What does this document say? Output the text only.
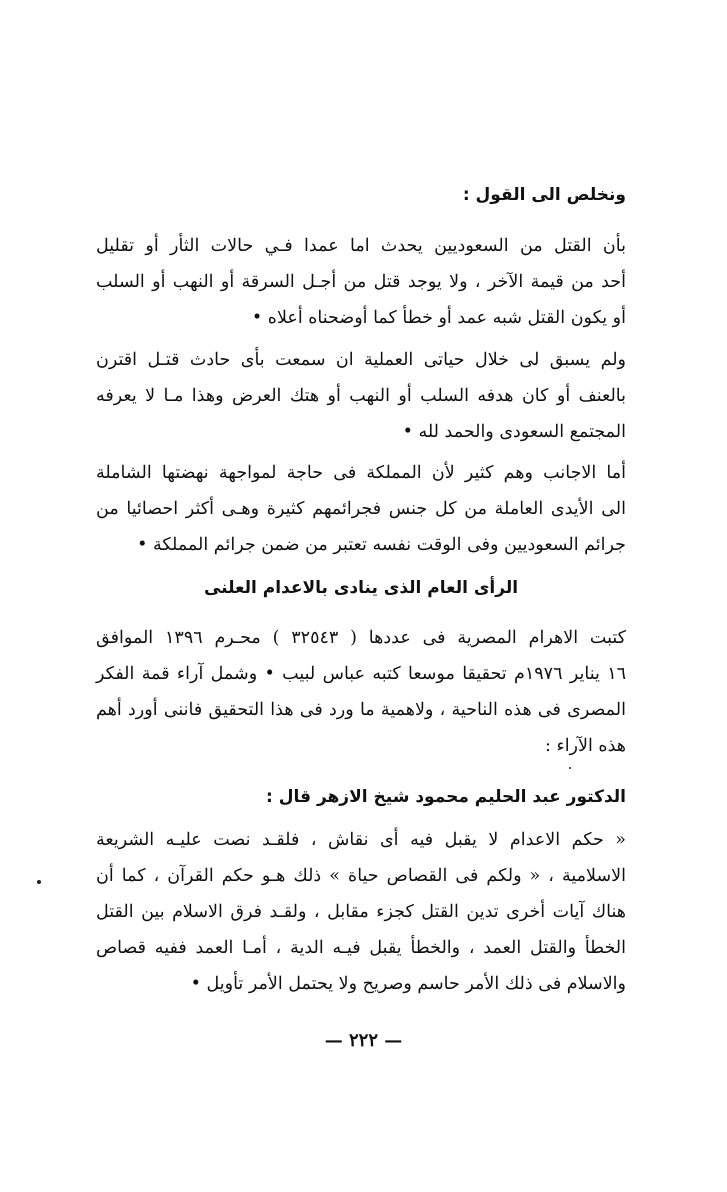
ونخلص الى القول :
بأن القتل من السعوديين يحدث اما عمدا فـي حالات الثأر أو تقليل
أحد من قيمة الآخر ، ولا يوجد قتل من أجـل السرقة أو النهب أو السلب
أو يكون القتل شبه عمد أو خطأ كما أوضحناه أعلاه •
ولم يسبق لى خلال حياتى العملية ان سمعت بأى حادث قتـل اقترن
بالعنف أو كان هدفه السلب أو النهب أو هتك العرض وهذا مـا لا يعرفه
المجتمع السعودى والحمد لله •
أما الاجانب وهم كثير لأن المملكة فى حاجة لمواجهة نهضتها الشاملة
الى الأيدى العاملة من كل جنس فجرائمهم كثيرة وهـى أكثر احصائيا من
جرائم السعوديين وفى الوقت نفسه تعتبر من ضمن جرائم المملكة •
الرأى العام الذى ينادى بالاعدام العلنى
كتبت الاهرام المصرية فى عددها ( ٣٢٥٤٣ ) محـرم ١٣٩٦ الموافق
١٦ يناير ١٩٧٦م تحقيقا موسعا كتبه عباس لبيب • وشمل آراء قمة الفكر
المصرى فى هذه الناحية ، ولاهمية ما ورد فى هذا التحقيق فاننى أورد أهم
هذه الآراء :
الدكتور عبد الحليم محمود شيخ الازهر قال :
« حكم الاعدام لا يقبل فيه أى نقاش ، فلقـد نصت عليـه الشريعة
الاسلامية ، « ولكم فى القصاص حياة » ذلك هـو حكم القرآن ، كما أن
هناك آيات أخرى تدين القتل كجزء مقابل ، ولقـد فرق الاسلام بين القتل
الخطأ والقتل العمد ، والخطأ يقبل فيـه الدية ، أمـا العمد ففيه قصاص
والاسلام فى ذلك الأمر حاسم وصريح ولا يحتمل الأمر تأويل •
— ٢٢٢ —
